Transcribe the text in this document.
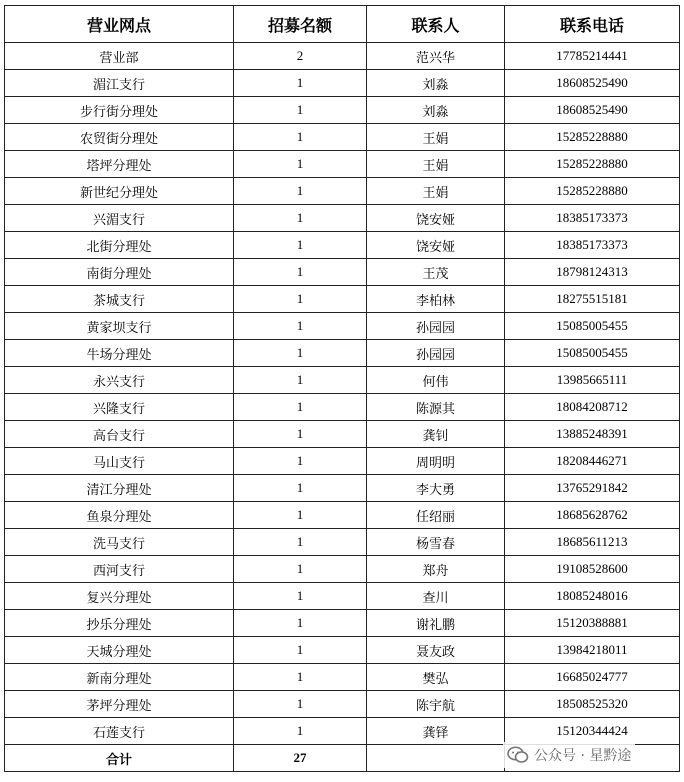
营业网点	招募名额	联系人	联系电话
营业部	2	范兴华	17785214441
湄江支行	1	刘淼	18608525490
步行街分理处	1	刘淼	18608525490
农贸街分理处	1	王娟	15285228880
塔坪分理处	1	王娟	15285228880
新世纪分理处	1	王娟	15285228880
兴湄支行	1	饶安娅	18385173373
北街分理处	1	饶安娅	18385173373
南街分理处	1	王茂	18798124313
茶城支行	1	李柏林	18275515181
黄家坝支行	1	孙园园	15085005455
牛场分理处	1	孙园园	15085005455
永兴支行	1	何伟	13985665111
兴隆支行	1	陈源其	18084208712
高台支行	1	龚钊	13885248391
马山支行	1	周明明	18208446271
清江分理处	1	李大勇	13765291842
鱼泉分理处	1	任绍丽	18685628762
洗马支行	1	杨雪春	18685611213
西河支行	1	郑舟	19108528600
复兴分理处	1	查川	18085248016
抄乐分理处	1	谢礼鹏	15120388881
天城分理处	1	聂友政	13984218011
新南分理处	1	樊弘	16685024777
茅坪分理处	1	陈宇航	18508525320
石莲支行	1	龚铎	15120344424
合计	27			公众号 · 星黔途
